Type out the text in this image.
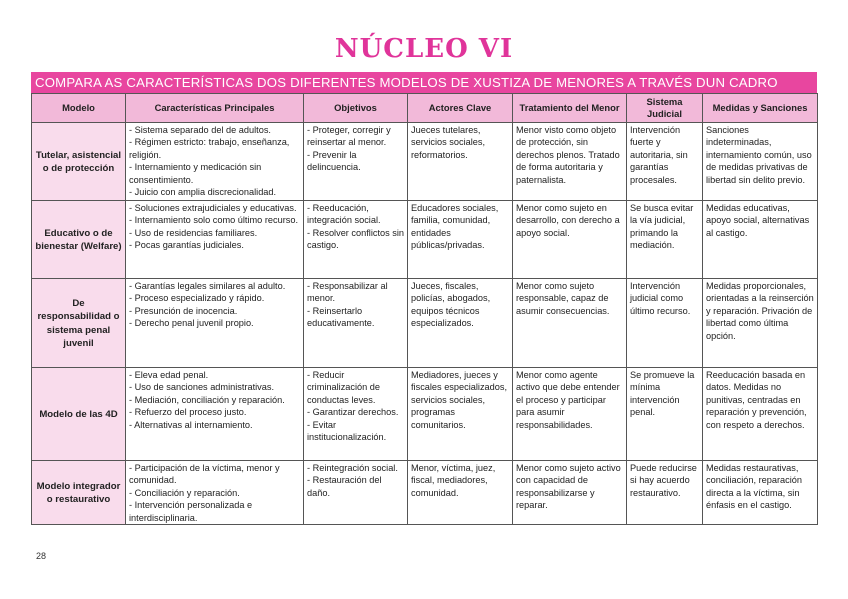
NÚCLEO VI
COMPARA AS CARACTERÍSTICAS DOS DIFERENTES MODELOS DE XUSTIZA DE MENORES A TRAVÉS DUN CADRO
Modelo	Características Principales	Objetivos	Actores Clave	Tratamiento del Menor	Sistema Judicial	Medidas y Sanciones
Tutelar, asistencial o de protección	- Sistema separado del de adultos.
- Régimen estricto: trabajo, enseñanza, religión.
- Internamiento y medicación sin consentimiento.
- Juicio con amplia discrecionalidad.	- Proteger, corregir y reinsertar al menor.
- Prevenir la delincuencia.	Jueces tutelares, servicios sociales, reformatorios.	Menor visto como objeto de protección, sin derechos plenos. Tratado de forma autoritaria y paternalista.	Intervención fuerte y autoritaria, sin garantías procesales.	Sanciones indeterminadas, internamiento común, uso de medidas privativas de libertad sin delito previo.
Educativo o de bienestar (Welfare)	- Soluciones extrajudiciales y educativas.
- Internamiento solo como último recurso.
- Uso de residencias familiares.
- Pocas garantías judiciales.	- Reeducación, integración social.
- Resolver conflictos sin castigo.	Educadores sociales, familia, comunidad, entidades públicas/privadas.	Menor como sujeto en desarrollo, con derecho a apoyo social.	Se busca evitar la vía judicial, primando la mediación.	Medidas educativas, apoyo social, alternativas al castigo.
De responsabilidad o sistema penal juvenil	- Garantías legales similares al adulto.
- Proceso especializado y rápido.
- Presunción de inocencia.
- Derecho penal juvenil propio.	- Responsabilizar al menor.
- Reinsertarlo educativamente.	Jueces, fiscales, policías, abogados, equipos técnicos especializados.	Menor como sujeto responsable, capaz de asumir consecuencias.	Intervención judicial como último recurso.	Medidas proporcionales, orientadas a la reinserción y reparación. Privación de libertad como última opción.
Modelo de las 4D	- Eleva edad penal.
- Uso de sanciones administrativas.
- Mediación, conciliación y reparación.
- Refuerzo del proceso justo.
- Alternativas al internamiento.	- Reducir criminalización de conductas leves.
- Garantizar derechos.
- Evitar institucionalización.	Mediadores, jueces y fiscales especializados, servicios sociales, programas comunitarios.	Menor como agente activo que debe entender el proceso y participar para asumir responsabilidades.	Se promueve la mínima intervención penal.	Reeducación basada en datos. Medidas no punitivas, centradas en reparación y prevención, con respeto a derechos.
Modelo integrador o restaurativo	- Participación de la víctima, menor y comunidad.
- Conciliación y reparación.
- Intervención personalizada e interdisciplinaria.	- Reintegración social.
- Restauración del daño.	Menor, víctima, juez, fiscal, mediadores, comunidad.	Menor como sujeto activo con capacidad de responsabilizarse y reparar.	Puede reducirse si hay acuerdo restaurativo.	Medidas restaurativas, conciliación, reparación directa a la víctima, sin énfasis en el castigo.
28
